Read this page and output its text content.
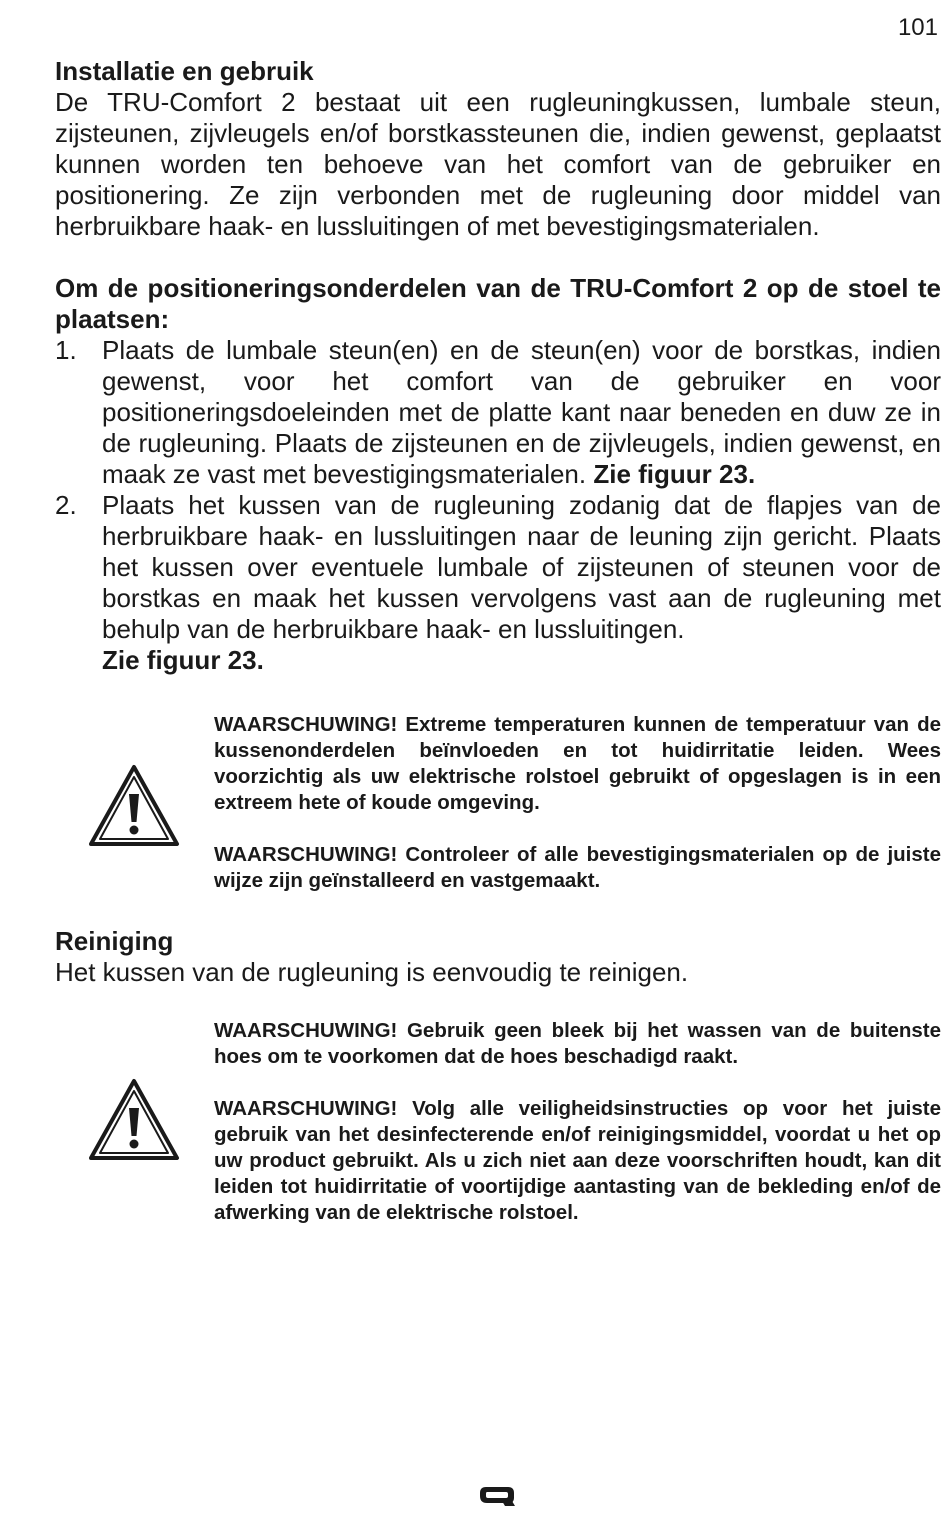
101
Installatie en gebruik

De TRU-Comfort 2 bestaat uit een rugleuningkussen, lumbale steun, zijsteunen, zijvleugels en/of borstkassteunen die, indien gewenst, geplaatst kunnen worden ten behoeve van het comfort van de gebruiker en positionering. Ze zijn verbonden met de rugleuning door middel van herbruikbare haak- en lussluitingen of met bevestigingsmaterialen.

Om de positioneringsonderdelen van de TRU-Comfort 2 op de stoel te plaatsen:
1. Plaats de lumbale steun(en) en de steun(en) voor de borstkas, indien gewenst, voor het comfort van de gebruiker en voor positioneringsdoeleinden met de platte kant naar beneden en duw ze in de rugleuning. Plaats de zijsteunen en de zijvleugels, indien gewenst, en maak ze vast met bevestigingsmaterialen. Zie figuur 23.
2. Plaats het kussen van de rugleuning zodanig dat de flapjes van de herbruikbare haak- en lussluitingen naar de leuning zijn gericht. Plaats het kussen over eventuele lumbale of zijsteunen of steunen voor de borstkas en maak het kussen vervolgens vast aan de rugleuning met behulp van de herbruikbare haak- en lussluitingen.
Zie figuur 23.

WAARSCHUWING! Extreme temperaturen kunnen de temperatuur van de kussenonderdelen beïnvloeden en tot huidirritatie leiden. Wees voorzichtig als uw elektrische rolstoel gebruikt of opgeslagen is in een extreem hete of koude omgeving.

WAARSCHUWING! Controleer of alle bevestigingsmaterialen op de juiste wijze zijn geïnstalleerd en vastgemaakt.

Reiniging

Het kussen van de rugleuning is eenvoudig te reinigen.

WAARSCHUWING! Gebruik geen bleek bij het wassen van de buitenste hoes om te voorkomen dat de hoes beschadigd raakt.

WAARSCHUWING! Volg alle veiligheidsinstructies op voor het juiste gebruik van het desinfecterende en/of reinigingsmiddel, voordat u het op uw product gebruikt. Als u zich niet aan deze voorschriften houdt, kan dit leiden tot huidirritatie of voortijdige aantasting van de bekleding en/of de afwerking van de elektrische rolstoel.
